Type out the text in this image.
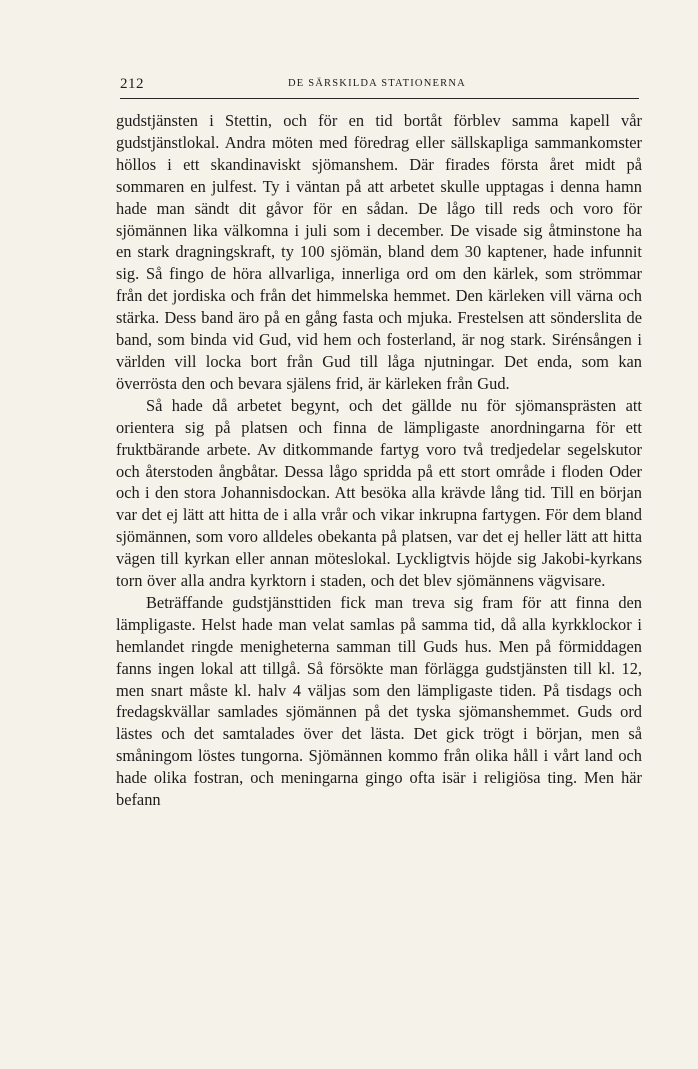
212	DE SÄRSKILDA STATIONERNA

gudstjänsten i Stettin, och för en tid bortåt förblev samma kapell vår gudstjänstlokal. Andra möten med föredrag eller sällskapliga sammankomster höllos i ett skandinaviskt sjömanshem. Där firades första året midt på sommaren en julfest. Ty i väntan på att arbetet skulle upptagas i denna hamn hade man sändt dit gåvor för en sådan. De lågo till reds och voro för sjömännen lika välkomna i juli som i december. De visade sig åtminstone ha en stark dragningskraft, ty 100 sjömän, bland dem 30 kaptener, hade infunnit sig. Så fingo de höra allvarliga, innerliga ord om den kärlek, som strömmar från det jordiska och från det himmelska hemmet. Den kärleken vill värna och stärka. Dess band äro på en gång fasta och mjuka. Frestelsen att sönderslita de band, som binda vid Gud, vid hem och fosterland, är nog stark. Sirénsången i världen vill locka bort från Gud till låga njutningar. Det enda, som kan överrösta den och bevara själens frid, är kärleken från Gud.

Så hade då arbetet begynt, och det gällde nu för sjömansprästen att orientera sig på platsen och finna de lämpligaste anordningarna för ett fruktbärande arbete. Av ditkommande fartyg voro två tredjedelar segelskutor och återstoden ångbåtar. Dessa lågo spridda på ett stort område i floden Oder och i den stora Johannisdockan. Att besöka alla krävde lång tid. Till en början var det ej lätt att hitta de i alla vrår och vikar inkrupna fartygen. För dem bland sjömännen, som voro alldeles obekanta på platsen, var det ej heller lätt att hitta vägen till kyrkan eller annan möteslokal. Lyckligtvis höjde sig Jakobi-kyrkans torn över alla andra kyrktorn i staden, och det blev sjömännens vägvisare.

Beträffande gudstjänsttiden fick man treva sig fram för att finna den lämpligaste. Helst hade man velat samlas på samma tid, då alla kyrkklockor i hemlandet ringde menigheterna samman till Guds hus. Men på förmiddagen fanns ingen lokal att tillgå. Så försökte man förlägga gudstjänsten till kl. 12, men snart måste kl. halv 4 väljas som den lämpligaste tiden. På tisdags och fredagskvällar samlades sjömännen på det tyska sjömanshemmet. Guds ord lästes och det samtalades över det lästa. Det gick trögt i början, men så småningom löstes tungorna. Sjömännen kommo från olika håll i vårt land och hade olika fostran, och meningarna gingo ofta isär i religiösa ting. Men här befann
